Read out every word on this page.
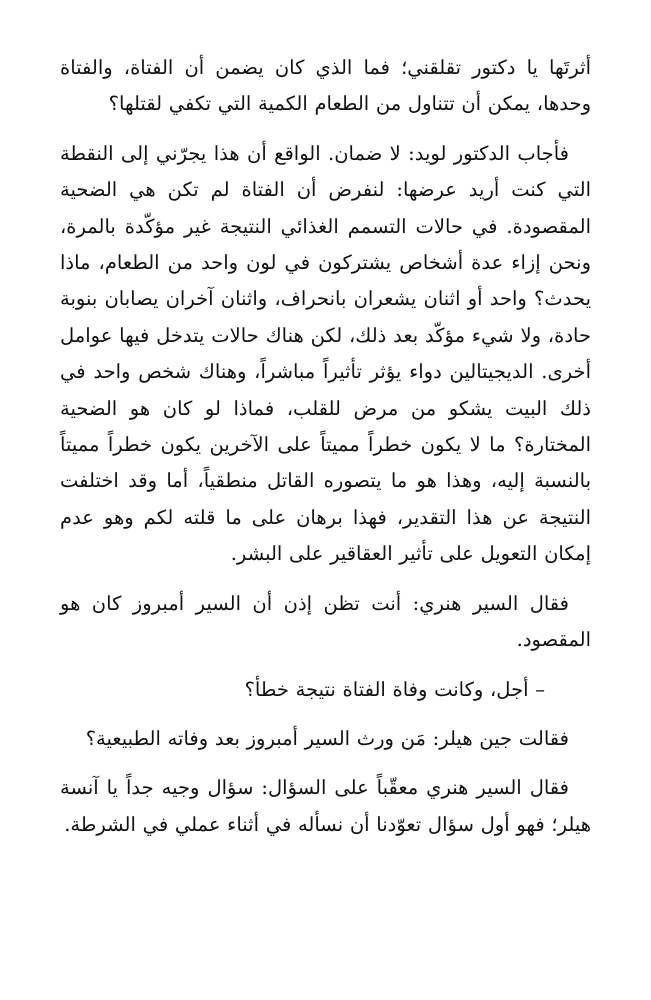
أثرتَها يا دكتور تقلقني؛ فما الذي كان يضمن أن الفتاة، والفتاة وحدها، يمكن أن تتناول من الطعام الكمية التي تكفي لقتلها؟

فأجاب الدكتور لويد: لا ضمان. الواقع أن هذا يجرّني إلى النقطة التي كنت أريد عرضها: لنفرض أن الفتاة لم تكن هي الضحية المقصودة. في حالات التسمم الغذائي النتيجة غير مؤكّدة بالمرة، ونحن إزاء عدة أشخاص يشتركون في لون واحد من الطعام، ماذا يحدث؟ واحد أو اثنان يشعران بانحراف، واثنان آخران يصابان بنوبة حادة، ولا شيء مؤكّد بعد ذلك، لكن هناك حالات يتدخل فيها عوامل أخرى. الديجيتالين دواء يؤثر تأثيراً مباشراً، وهناك شخص واحد في ذلك البيت يشكو من مرض للقلب، فماذا لو كان هو الضحية المختارة؟ ما لا يكون خطراً مميتاً على الآخرين يكون خطراً مميتاً بالنسبة إليه، وهذا هو ما يتصوره القاتل منطقياً، أما وقد اختلفت النتيجة عن هذا التقدير، فهذا برهان على ما قلته لكم وهو عدم إمكان التعويل على تأثير العقاقير على البشر.

فقال السير هنري: أنت تظن إذن أن السير أمبروز كان هو المقصود.

– أجل، وكانت وفاة الفتاة نتيجة خطأ؟

فقالت جين هيلر: مَن ورث السير أمبروز بعد وفاته الطبيعية؟

فقال السير هنري معقّباً على السؤال: سؤال وجيه جداً يا آنسة هيلر؛ فهو أول سؤال تعوّدنا أن نسأله في أثناء عملي في الشرطة.
